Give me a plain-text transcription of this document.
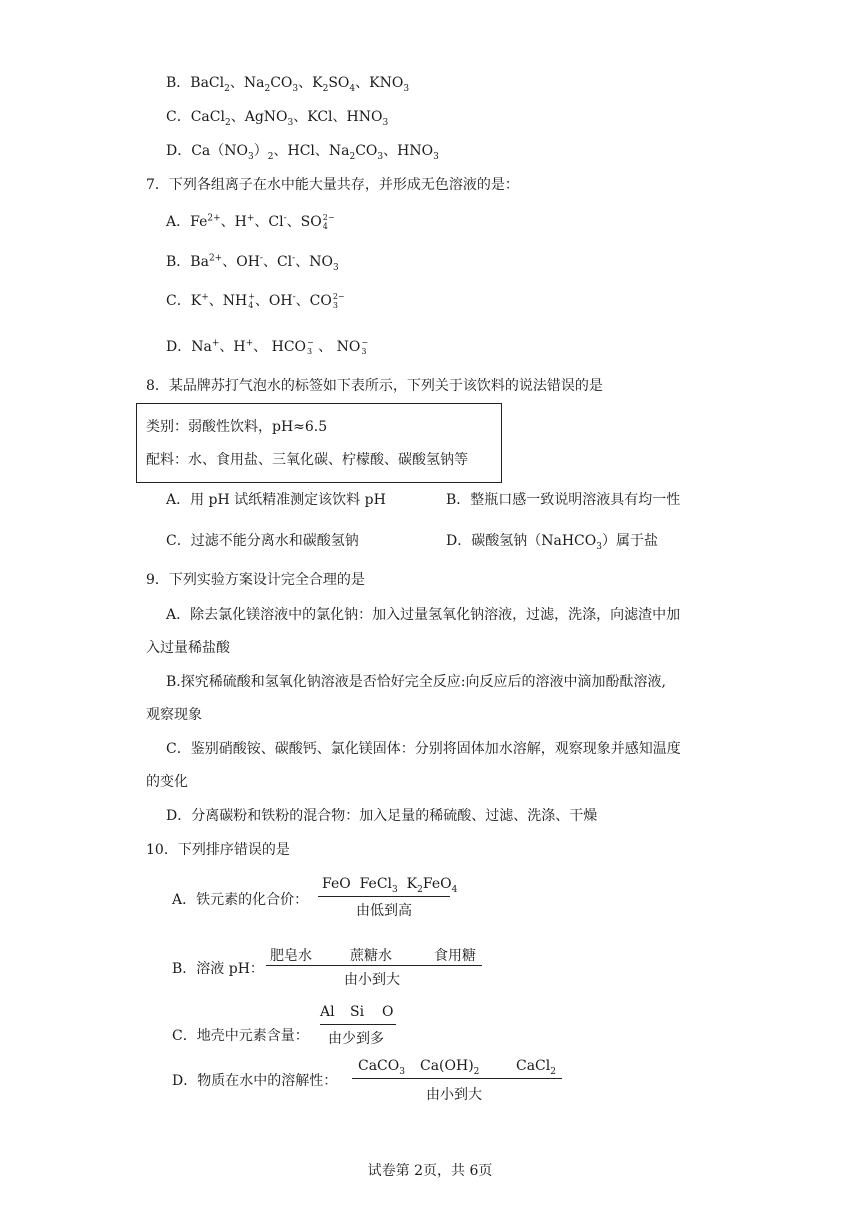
B．BaCl$_2$、$Na_2CO_3$、$K_2SO_4$、$KNO_3$
C．CaCl$_2$、AgNO$_3$、KCl、$HNO_3$
D．$Ca(NO_3)_2$、HCl、$Na_2CO_3$、$HNO_3$
7．下列各组离子在水中能大量共存，并形成无色溶液的是：
A．$Fe^{2+}$、H+、Cl-、SO 2−
4
B．$Ba^{2+}$、OH-、Cl-、$NO_3$
C．K+、NH +
4 、OH-、CO 2−
3
D．Na+、H+、 HCO −
3 、 NO −
3
8．某品牌苏打气泡水的标签如下表所示，下列关于该饮料的说法错误的是
类别：弱酸性饮料，pH≈6.5
配料：水、食用盐、三氧化碳、柠檬酸、碳酸氢钠等
A．用 pH 试纸精准测定该饮料 pH	B．整瓶口感一致说明溶液具有均一性
C．过滤不能分离水和碳酸氢钠	D．碳酸氢钠（NaHCO$_3$）属于盐
9．下列实验方案设计完全合理的是
A．除去氯化镁溶液中的氯化钠：加入过量氢氧化钠溶液，过滤，洗涤，向滤渣中加
入过量稀盐酸
B.探究稀硫酸和氢氧化钠溶液是否恰好完全反应:向反应后的溶液中滴加酚酞溶液,
观察现象
C．鉴别硝酸铵、碳酸钙、氯化镁固体：分别将固体加水溶解，观察现象并感知温度
的变化
D．分离碳粉和铁粉的混合物：加入足量的稀硫酸、过滤、洗涤、干燥
10．下列排序错误的是
A．铁元素的化合价：
FeO  FeCl$_3$  $K_2FeO_4$
由低到高
B．溶液 pH：
肥皂水	蔗糖水	食用糖
由小到大
C．地壳中元素含量：
Al Si O
由少到多
D．物质在水中的溶解性：
CaCO$_3$ $Ca(OH)_2$	CaCl$_2$
由小到大
试卷第 2页，共 6页
